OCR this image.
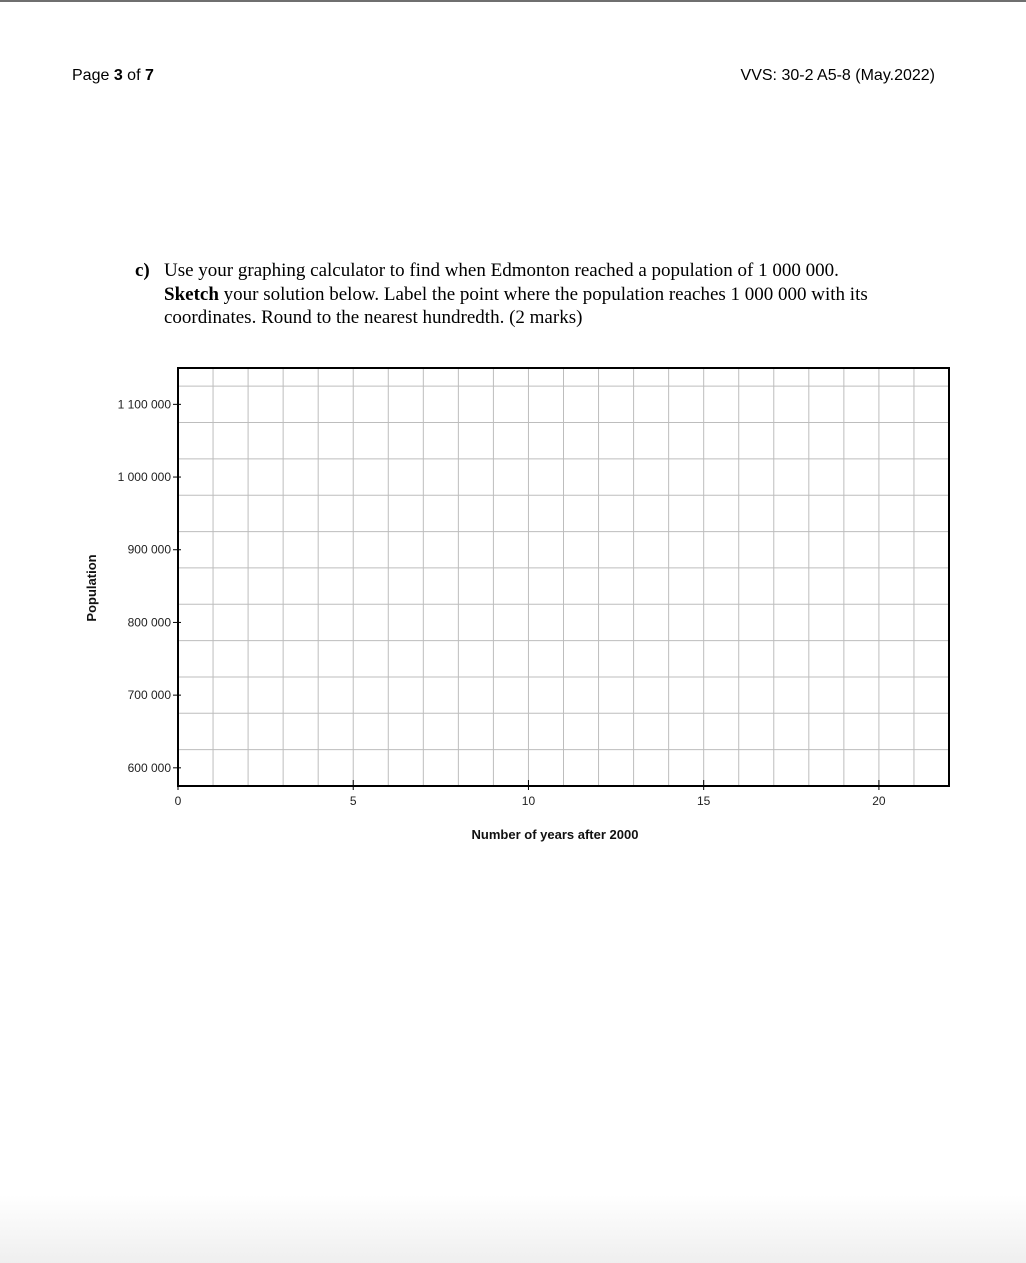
Page 3 of 7	VVS: 30-2 A5-8 (May.2022)
c) Use your graphing calculator to find when Edmonton reached a population of 1 000 000.
Sketch your solution below. Label the point where the population reaches 1 000 000 with its coordinates. Round to the nearest hundredth. (2 marks)
600 000
700 000
800 000
900 000
1 000 000
1 100 000
0	5	10	15	20
Number of years after 2000
Population
